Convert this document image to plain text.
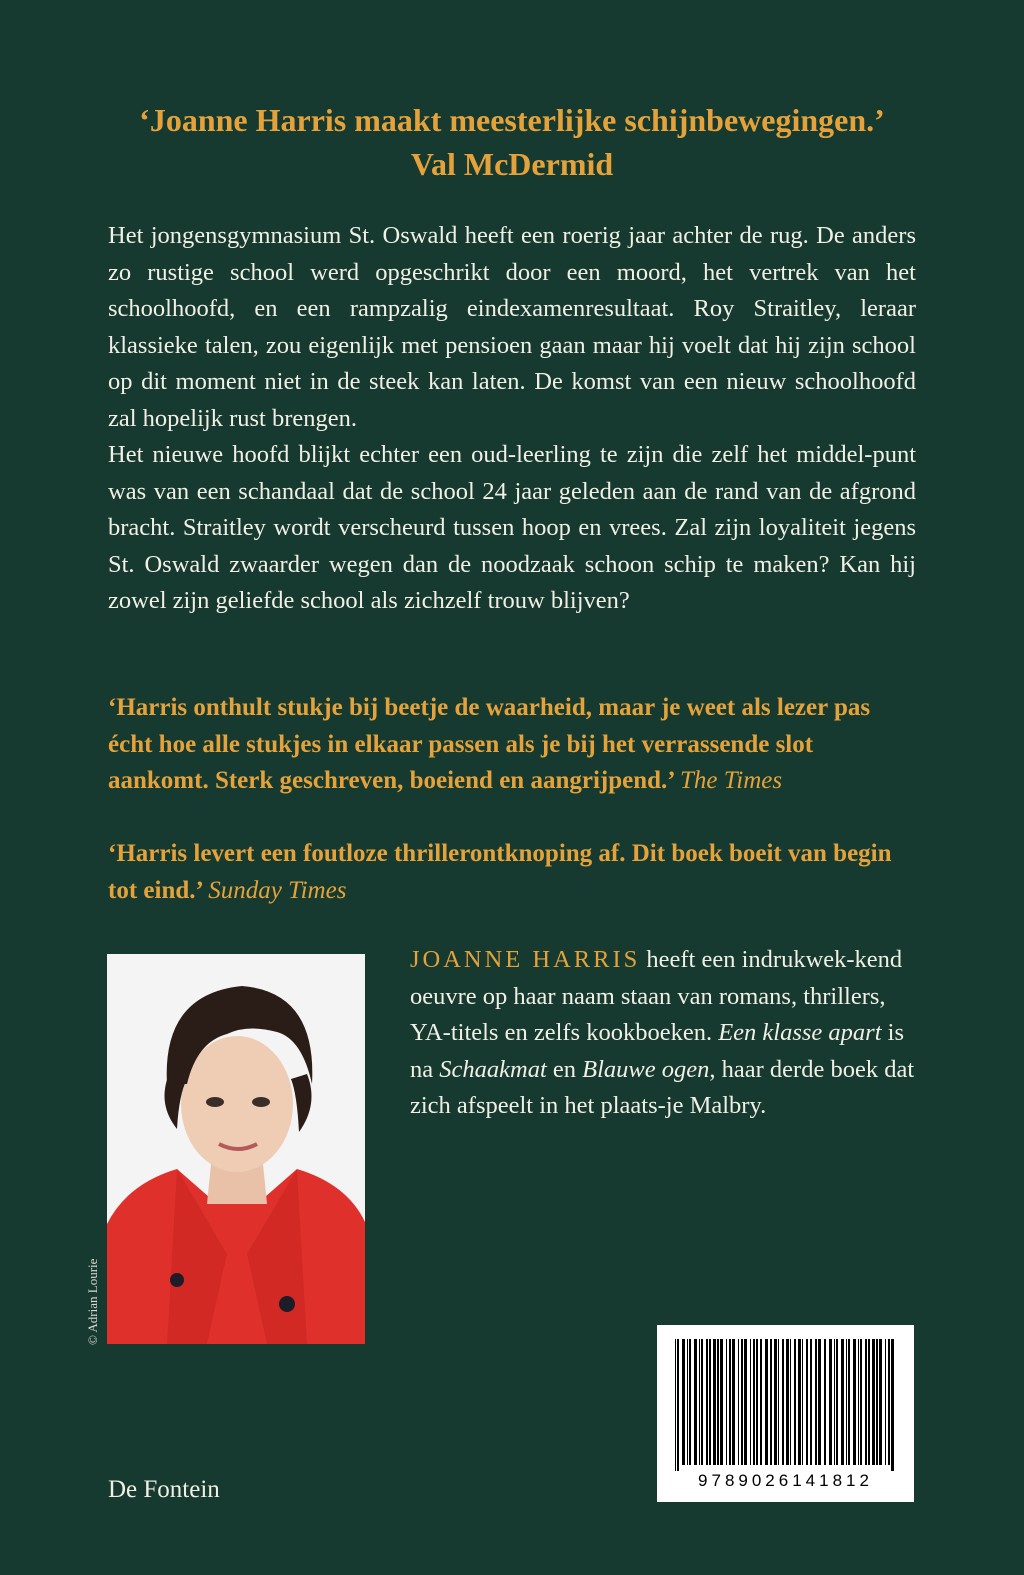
‘Joanne Harris maakt meesterlijke schijnbewegingen.’
Val McDermid

Het jongensgymnasium St. Oswald heeft een roerig jaar achter de rug. De anders zo rustige school werd opgeschrikt door een moord, het vertrek van het schoolhoofd, en een rampzalig eindexamenresultaat. Roy Straitley, leraar klassieke talen, zou eigenlijk met pensioen gaan maar hij voelt dat hij zijn school op dit moment niet in de steek kan laten. De komst van een nieuw schoolhoofd zal hopelijk rust brengen.

Het nieuwe hoofd blijkt echter een oud-leerling te zijn die zelf het middel-punt was van een schandaal dat de school 24 jaar geleden aan de rand van de afgrond bracht. Straitley wordt verscheurd tussen hoop en vrees. Zal zijn loyaliteit jegens St. Oswald zwaarder wegen dan de noodzaak schoon schip te maken? Kan hij zowel zijn geliefde school als zichzelf trouw blijven?

‘Harris onthult stukje bij beetje de waarheid, maar je weet als lezer pas écht hoe alle stukjes in elkaar passen als je bij het verrassende slot aankomt. Sterk geschreven, boeiend en aangrijpend.’ The Times
‘Harris levert een foutloze thrillerontknoping af. Dit boek boeit van begin tot eind.’ Sunday Times
© Adrian Lourie
JOANNE HARRIS heeft een indrukwek-kend oeuvre op haar naam staan van romans, thrillers, YA-titels en zelfs kookboeken. Een klasse apart is na Schaakmat en Blauwe ogen, haar derde boek dat zich afspeelt in het plaats-je Malbry.
De Fontein	9789026141812
